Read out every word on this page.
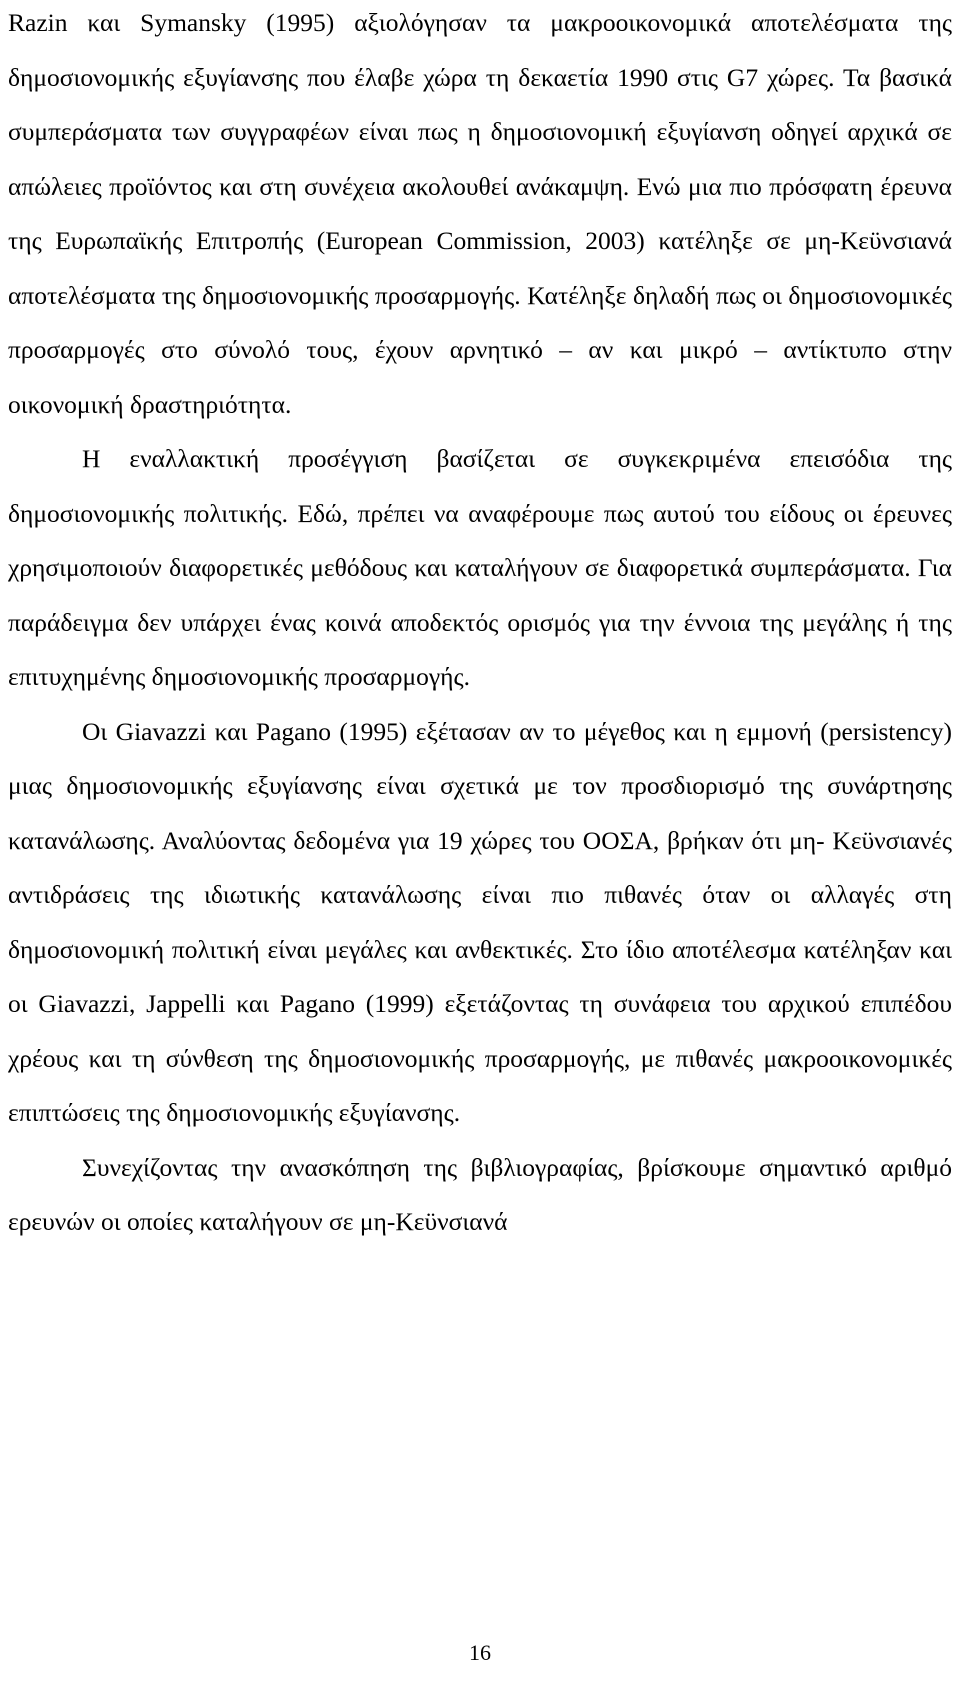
Razin και Symansky (1995) αξιολόγησαν τα μακροοικονομικά αποτελέσματα της δημοσιονομικής εξυγίανσης που έλαβε χώρα τη δεκαετία 1990 στις G7 χώρες. Τα βασικά συμπεράσματα των συγγραφέων είναι πως η δημοσιονομική εξυγίανση οδηγεί αρχικά σε απώλειες προϊόντος και στη συνέχεια ακολουθεί ανάκαμψη. Ενώ μια πιο πρόσφατη έρευνα της Ευρωπαϊκής Επιτροπής (European Commission, 2003) κατέληξε σε μη-Κεϋνσιανά αποτελέσματα της δημοσιονομικής προσαρμογής. Κατέληξε δηλαδή πως οι δημοσιονομικές προσαρμογές στο σύνολό τους, έχουν αρνητικό – αν και μικρό – αντίκτυπο στην οικονομική δραστηριότητα.

Η εναλλακτική προσέγγιση βασίζεται σε συγκεκριμένα επεισόδια της δημοσιονομικής πολιτικής. Εδώ, πρέπει να αναφέρουμε πως αυτού του είδους οι έρευνες χρησιμοποιούν διαφορετικές μεθόδους και καταλήγουν σε διαφορετικά συμπεράσματα. Για παράδειγμα δεν υπάρχει ένας κοινά αποδεκτός ορισμός για την έννοια της μεγάλης ή της επιτυχημένης δημοσιονομικής προσαρμογής.

Οι Giavazzi και Pagano (1995) εξέτασαν αν το μέγεθος και η εμμονή (persistency) μιας δημοσιονομικής εξυγίανσης είναι σχετικά με τον προσδιορισμό της συνάρτησης κατανάλωσης. Αναλύοντας δεδομένα για 19 χώρες του ΟΟΣΑ, βρήκαν ότι μη- Κεϋνσιανές αντιδράσεις της ιδιωτικής κατανάλωσης είναι πιο πιθανές όταν οι αλλαγές στη δημοσιονομική πολιτική είναι μεγάλες και ανθεκτικές. Στο ίδιο αποτέλεσμα κατέληξαν και οι Giavazzi, Jappelli και Pagano (1999) εξετάζοντας τη συνάφεια του αρχικού επιπέδου χρέους και τη σύνθεση της δημοσιονομικής προσαρμογής, με πιθανές μακροοικονομικές επιπτώσεις της δημοσιονομικής εξυγίανσης.

Συνεχίζοντας την ανασκόπηση της βιβλιογραφίας, βρίσκουμε σημαντικό αριθμό ερευνών οι οποίες καταλήγουν σε μη-Κεϋνσιανά

16
